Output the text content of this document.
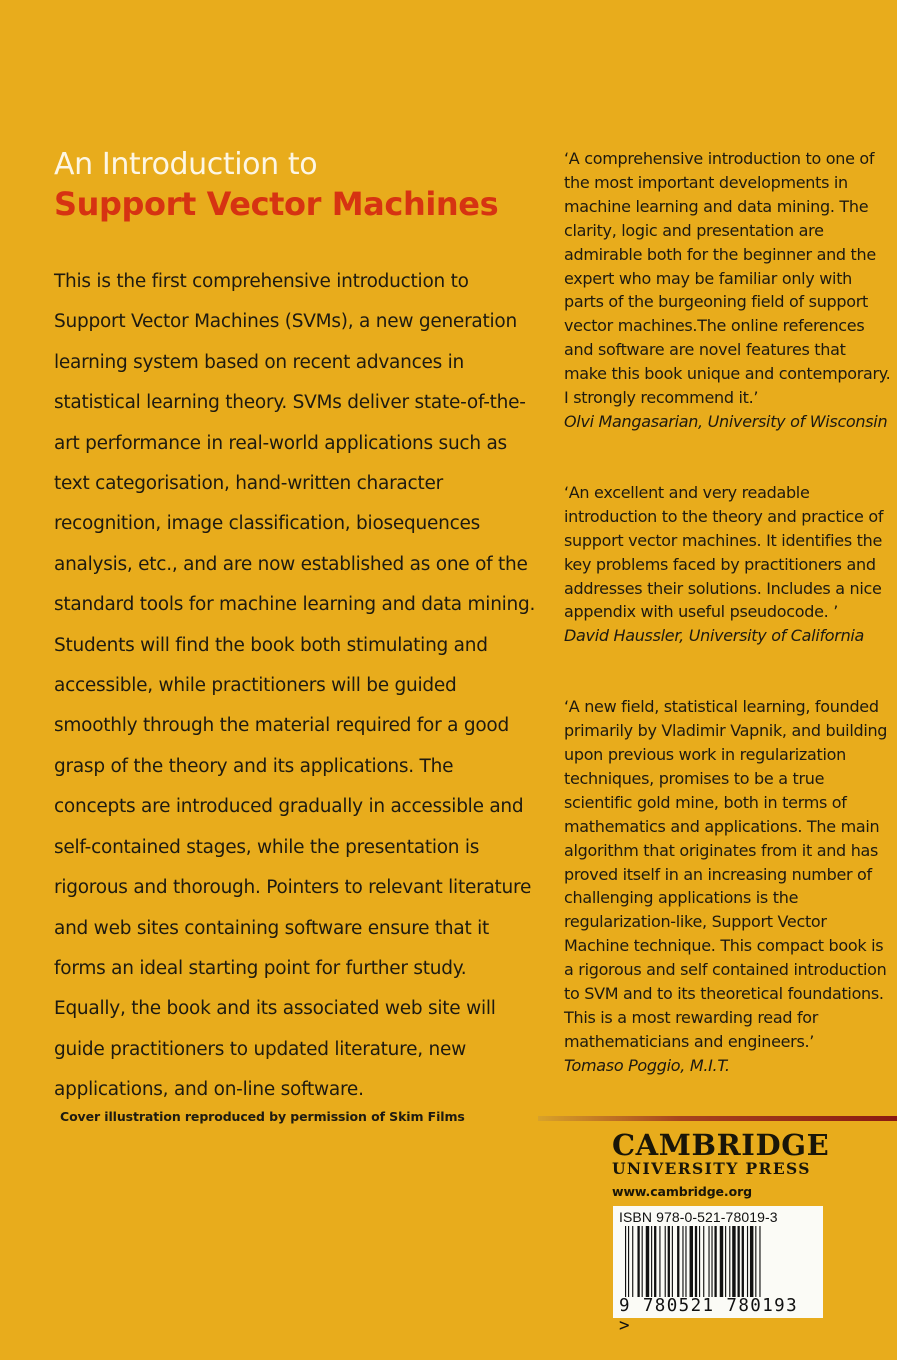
An Introduction to
Support Vector Machines

This is the first comprehensive introduction to Support Vector Machines (SVMs), a new generation learning system based on recent advances in statistical learning theory. SVMs deliver state-of-the-art performance in real-world applications such as text categorisation, hand-written character recognition, image classification, biosequences analysis, etc., and are now established as one of the standard tools for machine learning and data mining. Students will find the book both stimulating and accessible, while practitioners will be guided smoothly through the material required for a good grasp of the theory and its applications. The concepts are introduced gradually in accessible and self-contained stages, while the presentation is rigorous and thorough. Pointers to relevant literature and web sites containing software ensure that it forms an ideal starting point for further study. Equally, the book and its associated web site will guide practitioners to updated literature, new applications, and on-line software.

‘A comprehensive introduction to one of the most important developments in machine learning and data mining. The clarity, logic and presentation are admirable both for the beginner and the expert who may be familiar only with parts of the burgeoning field of support vector machines.The online references and software are novel features that make this book unique and contemporary. I strongly recommend it.’
Olvi Mangasarian, University of Wisconsin

‘An excellent and very readable introduction to the theory and practice of support vector machines. It identifies the key problems faced by practitioners and addresses their solutions. Includes a nice appendix with useful pseudocode. ’
David Haussler, University of California

‘A new field, statistical learning, founded primarily by Vladimir Vapnik, and building upon previous work in regularization techniques, promises to be a true scientific gold mine, both in terms of mathematics and applications. The main algorithm that originates from it and has proved itself in an increasing number of challenging applications is the regularization-like, Support Vector Machine technique. This compact book is a rigorous and self contained introduction to SVM and to its theoretical foundations. This is a most rewarding read for mathematicians and engineers.’
Tomaso Poggio, M.I.T.

Cover illustration reproduced by permission of Skim Films
CAMBRIDGE
UNIVERSITY PRESS
www.cambridge.org
ISBN 978-0-521-78019-3
9 780521 780193 >
